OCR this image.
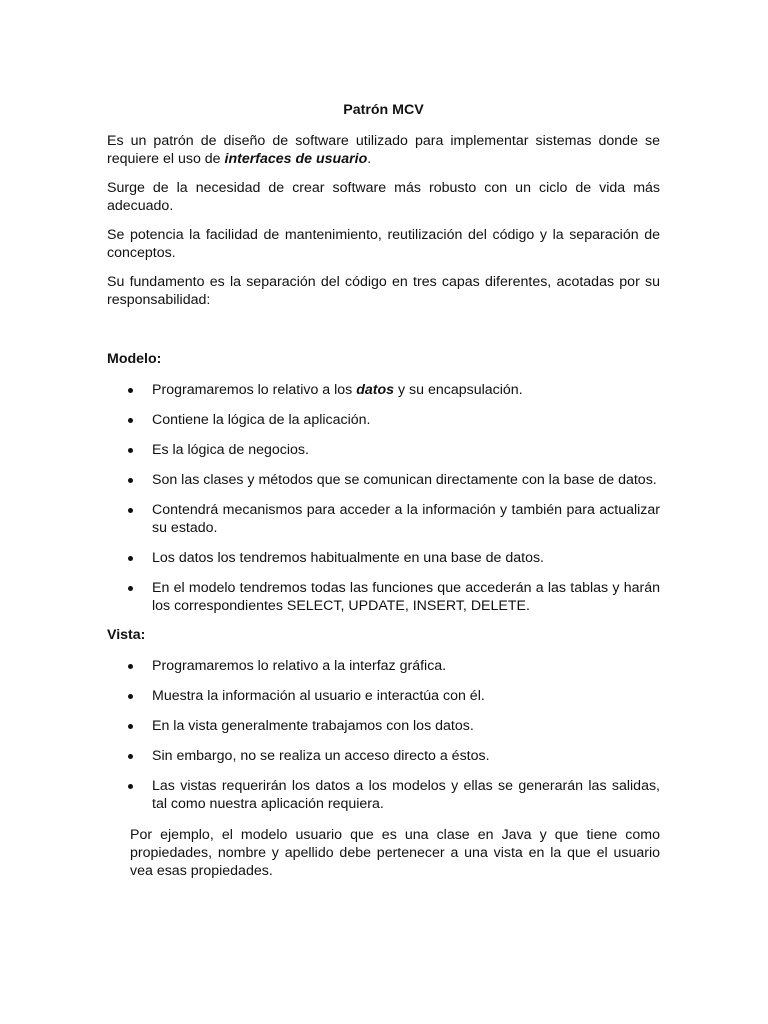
Patrón MCV

Es un patrón de diseño de software utilizado para implementar sistemas donde se requiere el uso de interfaces de usuario.

Surge de la necesidad de crear software más robusto con un ciclo de vida más adecuado.

Se potencia la facilidad de mantenimiento, reutilización del código y la separación de conceptos.

Su fundamento es la separación del código en tres capas diferentes, acotadas por su responsabilidad:

Modelo:
Programaremos lo relativo a los datos y su encapsulación.
Contiene la lógica de la aplicación.
Es la lógica de negocios.
Son las clases y métodos que se comunican directamente con la base de datos.
Contendrá mecanismos para acceder a la información y también para actualizar su estado.
Los datos los tendremos habitualmente en una base de datos.
En el modelo tendremos todas las funciones que accederán a las tablas y harán los correspondientes SELECT, UPDATE, INSERT, DELETE.
Vista:
Programaremos lo relativo a la interfaz gráfica.
Muestra la información al usuario e interactúa con él.
En la vista generalmente trabajamos con los datos.
Sin embargo, no se realiza un acceso directo a éstos.
Las vistas requerirán los datos a los modelos y ellas se generarán las salidas, tal como nuestra aplicación requiera.

Por ejemplo, el modelo usuario que es una clase en Java y que tiene como propiedades, nombre y apellido debe pertenecer a una vista en la que el usuario vea esas propiedades.
